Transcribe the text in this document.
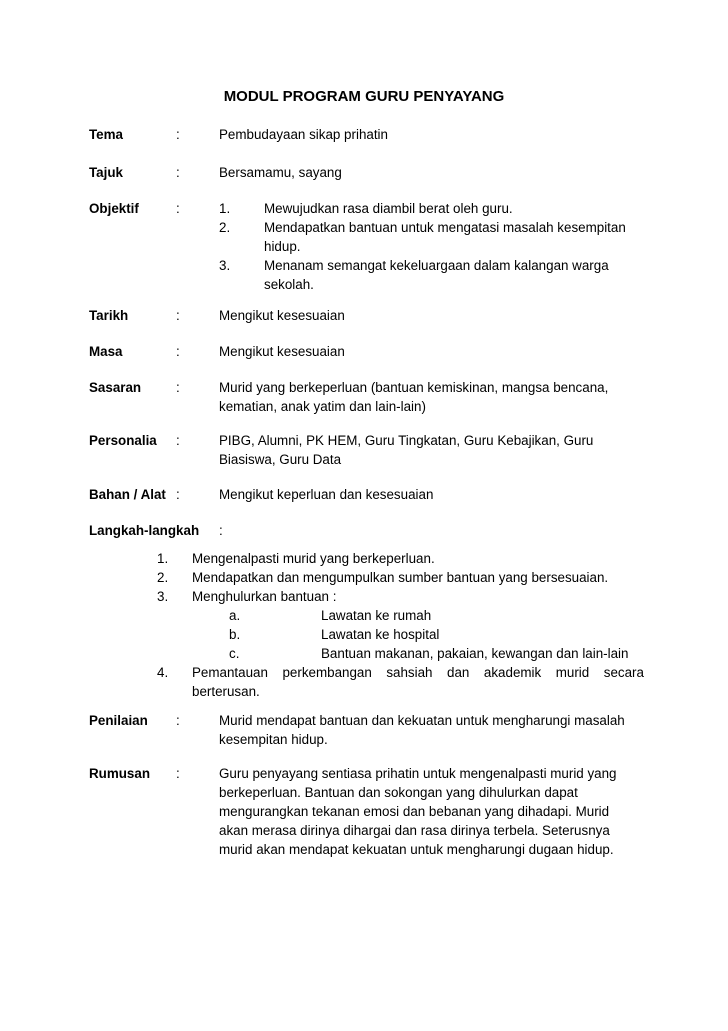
MODUL PROGRAM GURU PENYAYANG
Tema	:	Pembudayaan sikap prihatin
Tajuk	:	Bersamamu, sayang
Objektif	:	1.	Mewujudkan rasa diambil berat oleh guru.
2.	Mendapatkan bantuan untuk mengatasi masalah kesempitan hidup.
3.	Menanam semangat kekeluargaan dalam kalangan warga sekolah.
Tarikh	:	Mengikut kesesuaian
Masa	:	Mengikut kesesuaian
Sasaran	:	Murid yang berkeperluan (bantuan kemiskinan, mangsa bencana, kematian, anak yatim dan lain-lain)
Personalia :	PIBG, Alumni, PK HEM, Guru Tingkatan, Guru Kebajikan, Guru Biasiswa, Guru Data
Bahan / Alat :	Mengikut keperluan dan kesesuaian
Langkah-langkah :
1. Mengenalpasti murid yang berkeperluan.
2. Mendapatkan dan mengumpulkan sumber bantuan yang bersesuaian.
3. Menghulurkan bantuan :
a.	Lawatan ke rumah
b.	Lawatan ke hospital
c.	Bantuan makanan, pakaian, kewangan dan lain-lain
4. Pemantauan perkembangan sahsiah dan akademik murid secara
berterusan.
Penilaian :	Murid mendapat bantuan dan kekuatan untuk mengharungi masalah kesempitan hidup.
Rumusan :	Guru penyayang sentiasa prihatin untuk mengenalpasti murid yang berkeperluan. Bantuan dan sokongan yang dihulurkan dapat mengurangkan tekanan emosi dan bebanan yang dihadapi. Murid akan merasa dirinya dihargai dan rasa dirinya terbela. Seterusnya murid akan mendapat kekuatan untuk mengharungi dugaan hidup.
